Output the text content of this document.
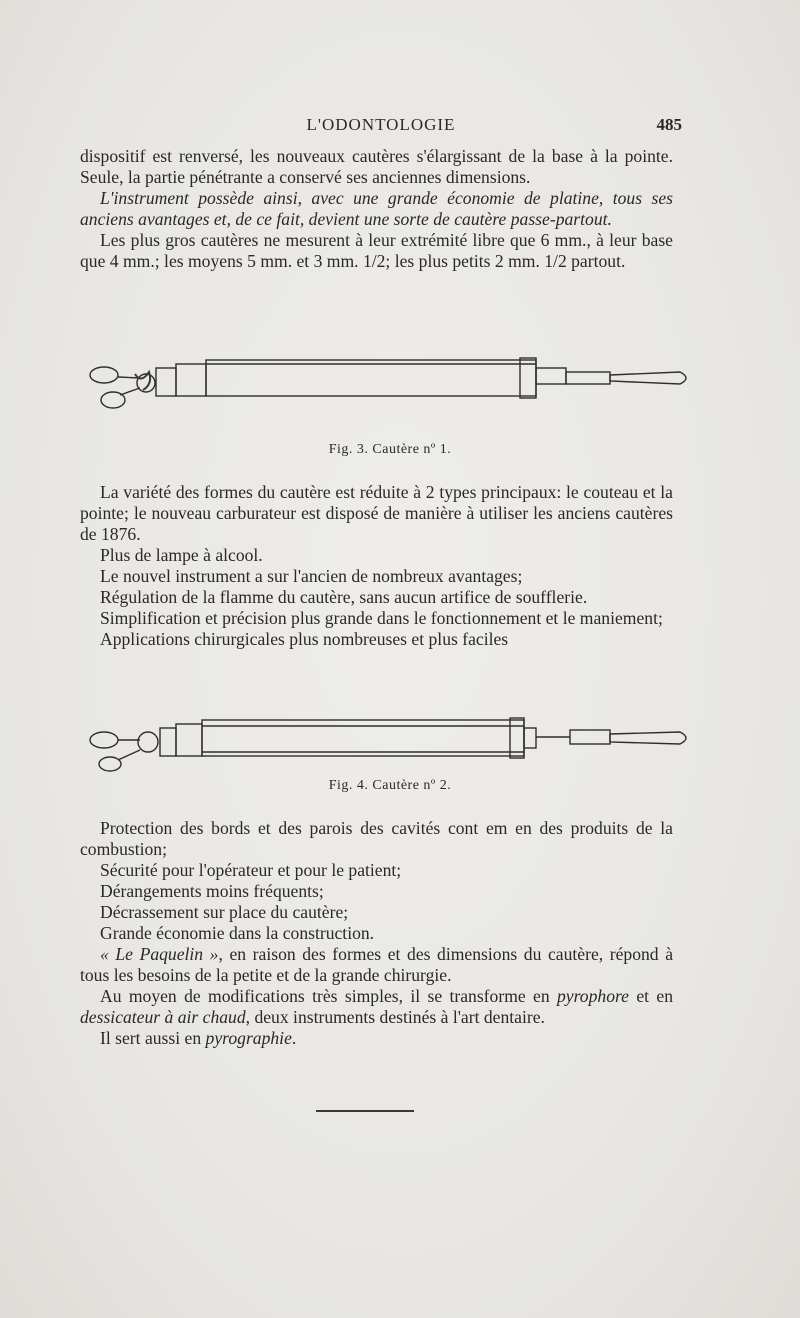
L'ODONTOLOGIE	485

dispositif est renversé, les nouveaux cautères s'élargissant de la base à la pointe. Seule, la partie pénétrante a conservé ses anciennes dimensions.

L'instrument possède ainsi, avec une grande économie de platine, tous ses anciens avantages et, de ce fait, devient une sorte de cautère passe-partout.

Les plus gros cautères ne mesurent à leur extrémité libre que 6 mm., à leur base que 4 mm.; les moyens 5 mm. et 3 mm. 1/2; les plus petits 2 mm. 1/2 partout.

Fig. 3. Cautère nº 1.

La variété des formes du cautère est réduite à 2 types principaux: le couteau et la pointe; le nouveau carburateur est disposé de manière à utiliser les anciens cautères de 1876.

Plus de lampe à alcool.

Le nouvel instrument a sur l'ancien de nombreux avantages;

Régulation de la flamme du cautère, sans aucun artifice de soufflerie.

Simplification et précision plus grande dans le fonctionnement et le maniement;

Applications chirurgicales plus nombreuses et plus faciles

Fig. 4. Cautère nº 2.

Protection des bords et des parois des cavités cont em en des produits de la combustion;

Sécurité pour l'opérateur et pour le patient;

Dérangements moins fréquents;

Décrassement sur place du cautère;

Grande économie dans la construction.

« Le Paquelin », en raison des formes et des dimensions du cautère, répond à tous les besoins de la petite et de la grande chirurgie.

Au moyen de modifications très simples, il se transforme en pyrophore et en dessicateur à air chaud, deux instruments destinés à l'art dentaire.

Il sert aussi en pyrographie.
